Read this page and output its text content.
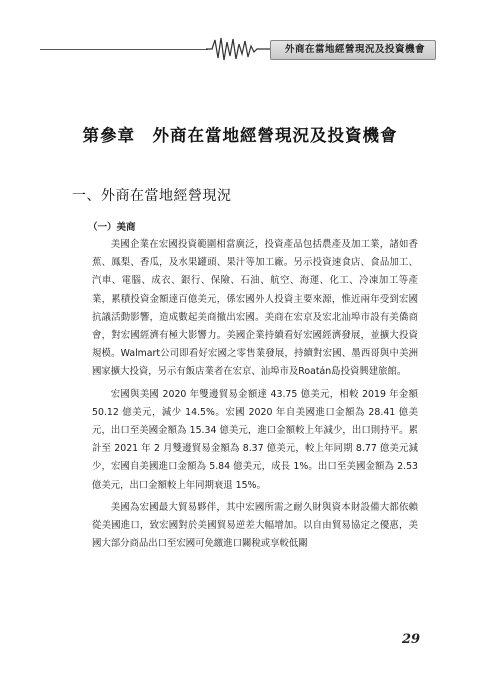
外商在當地經營現況及投資機會
第參章　外商在當地經營現況及投資機會
一、外商在當地經營現況
（一）美商

美國企業在宏國投資範圍相當廣泛，投資產品包括農產及加工業，諸如香蕉、鳳梨、香瓜，及水果罐頭、果汁等加工廠。另示投資速食店、食品加工、汽車、電腦、成衣、銀行、保險、石油、航空、海運、化工、冷凍加工等產業，累積投資金額達百億美元，係宏國外人投資主要來源，惟近兩年受到宏國抗議活動影響，造成數起美商撤出宏國。美商在宏京及宏北汕埠市設有美僑商會，對宏國經濟有極大影響力。美國企業持續看好宏國經濟發展，並擴大投資規模。Walmart公司即看好宏國之零售業發展，持續對宏國、墨西哥與中美洲國家擴大投資，另示有飯店業者在宏京、汕埠市及Roatán島投資興建旅館。

宏國與美國 2020 年雙邊貿易金額達 43.75 億美元，相較 2019 年金額 50.12 億美元，減少 14.5%。宏國 2020 年自美國進口金額為 28.41 億美元，出口至美國金額為 15.34 億美元，進口金額較上年減少，出口則持平。累計至 2021 年 2 月雙邊貿易金額為 8.37 億美元，較上年同期 8.77 億美元減少，宏國自美國進口金額為 5.84 億美元，成長 1%。出口至美國金額為 2.53 億美元，出口金額較上年同期衰退 15%。

美國為宏國最大貿易夥伴，其中宏國所需之耐久財與資本財設備大都依賴從美國進口，致宏國對於美國貿易逆差大幅增加。以自由貿易協定之優惠，美國大部分商品出口至宏國可免繳進口關稅或享較低關

29
